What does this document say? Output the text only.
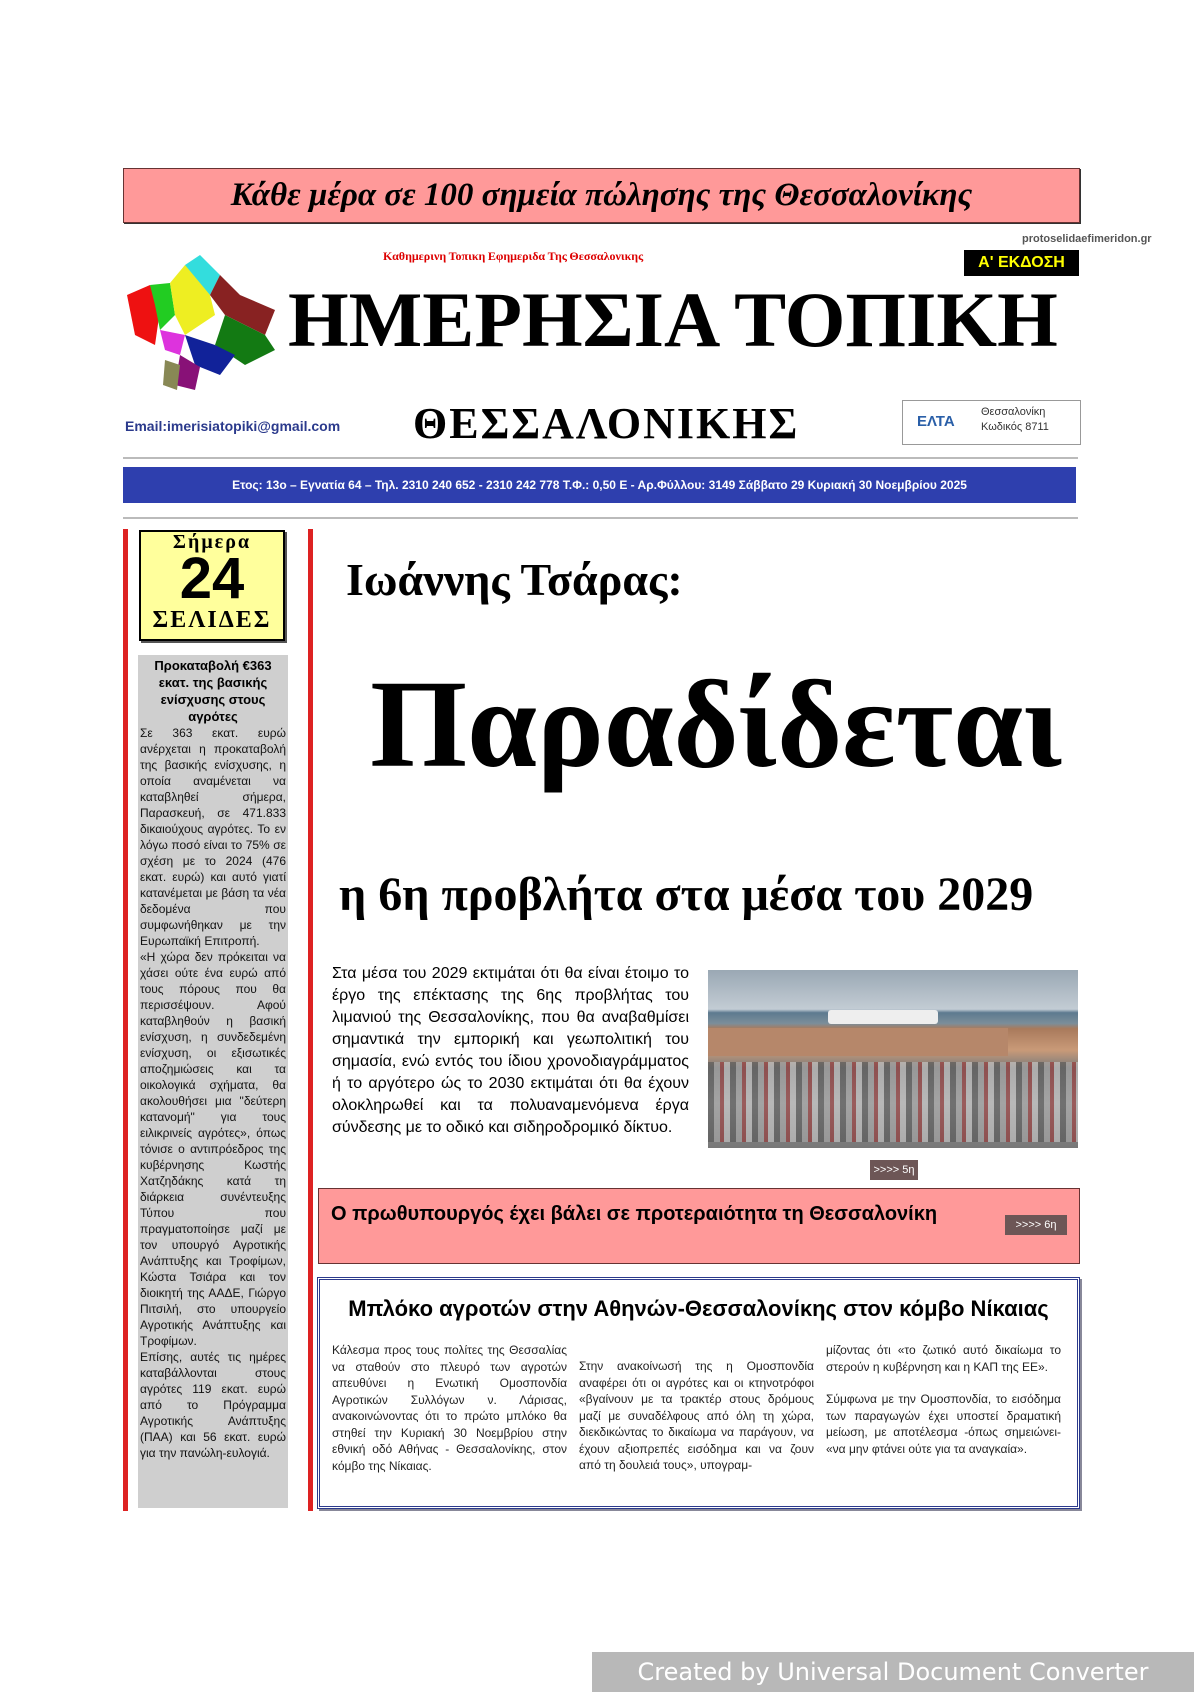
Κάθε μέρα σε 100 σημεία πώλησης της Θεσσαλονίκης
Καθημερινη Τοπικη Εφημεριδα Της Θεσσαλονικης
ΗΜΕΡΗΣΙΑ ΤΟΠΙΚΗ
Α' ΕΚΔΟΣΗ
protoselidaefimeridon.gr
Email:imerisiatopiki@gmail.com ΘΕΣΣΑΛΟΝΙΚΗΣ	ΕΛΤΑ
Θεσσαλονίκη
Κωδικός 8711
Ετος: 13ο – Εγνατία 64 – Τηλ. 2310 240 652 - 2310 242 778 Τ.Φ.: 0,50 Ε - Αρ.Φύλλου: 3149 Σάββατο 29 Κυριακή 30 Νοεμβρίου 2025
Σήμερα
24
ΣΕΛΙΔΕΣ
Προκαταβολή €363 εκατ. της βασικής ενίσχυσης στους αγρότες

Σε 363 εκατ. ευρώ ανέρχεται η προκαταβολή της βασικής ενίσχυσης, η οποία αναμένεται να καταβληθεί σήμερα, Παρασκευή, σε 471.833 δικαιούχους αγρότες. Το εν λόγω ποσό είναι το 75% σε σχέση με το 2024 (476 εκατ. ευρώ) και αυτό γιατί κατανέμεται με βάση τα νέα δεδομένα που συμφωνήθηκαν με την Ευρωπαϊκή Επιτροπή.

«Η χώρα δεν πρόκειται να χάσει ούτε ένα ευρώ από τους πόρους που θα περισσέψουν. Αφού καταβληθούν η βασική ενίσχυση, η συνδεδεμένη ενίσχυση, οι εξισωτικές αποζημιώσεις και τα οικολογικά σχήματα, θα ακολουθήσει μια "δεύτερη κατανομή" για τους ειλικρινείς αγρότες», όπως τόνισε ο αντιπρόεδρος της κυβέρνησης Κωστής Χατζηδάκης κατά τη διάρκεια συνέντευξης Τύπου που πραγματοποίησε μαζί με τον υπουργό Αγροτικής Ανάπτυξης και Τροφίμων, Κώστα Τσιάρα και τον διοικητή της ΑΑΔΕ, Γιώργο Πιτσιλή, στο υπουργείο Αγροτικής Ανάπτυξης και Τροφίμων.

Επίσης, αυτές τις ημέρες καταβάλλονται στους αγρότες 119 εκατ. ευρώ από το Πρόγραμμα Αγροτικής Ανάπτυξης (ΠΑΑ) και 56 εκατ. ευρώ για την πανώλη-ευλογιά.

Ιωάννης Τσάρας:
Παραδίδεται
η 6η προβλήτα στα μέσα του 2029
Στα μέσα του 2029 εκτιμάται ότι θα είναι έτοιμο το έργο της επέκτασης της 6ης προβλήτας του λιμανιού της Θεσσαλονίκης, που θα αναβαθμίσει σημαντικά την εμπορική και γεωπολιτική του σημασία, ενώ εντός του ίδιου χρονοδιαγράμματος ή το αργότερο ώς το 2030 εκτιμάται ότι θα έχουν ολοκληρωθεί και τα πολυαναμενόμενα έργα σύνδεσης με το οδικό και σιδηροδρομικό δίκτυο.
>>>> 5η
Ο πρωθυπουργός έχει βάλει σε προτεραιότητα τη Θεσσαλονίκη	>>>> 6η
Μπλόκο αγροτών στην Αθηνών-Θεσσαλονίκης στον κόμβο Νίκαιας
Κάλεσμα προς τους πολίτες της Θεσσαλίας να σταθούν στο πλευρό των αγροτών απευθύνει η Ενωτική Ομοσπονδία Αγροτικών Συλλόγων ν. Λάρισας, ανακοινώνοντας ότι το πρώτο μπλόκο θα στηθεί την Κυριακή 30 Νοεμβρίου στην εθνική οδό Αθήνας - Θεσσαλονίκης, στον κόμβο της Νίκαιας.
Στην ανακοίνωσή της η Ομοσπονδία αναφέρει ότι οι αγρότες και οι κτηνοτρόφοι «βγαίνουν με τα τρακτέρ στους δρόμους μαζί με συναδέλφους από όλη τη χώρα, διεκδικώντας το δικαίωμα να παράγουν, να έχουν αξιοπρεπές εισόδημα και να ζουν από τη δουλειά τους», υπογραμ-

μίζοντας ότι «το ζωτικό αυτό δικαίωμα το στερούν η κυβέρνηση και η ΚΑΠ της ΕΕ».

Σύμφωνα με την Ομοσπονδία, το εισόδημα των παραγωγών έχει υποστεί δραματική μείωση, με αποτέλεσμα -όπως σημειώνει- «να μην φτάνει ούτε για τα αναγκαία».

Created by Universal Document Converter
